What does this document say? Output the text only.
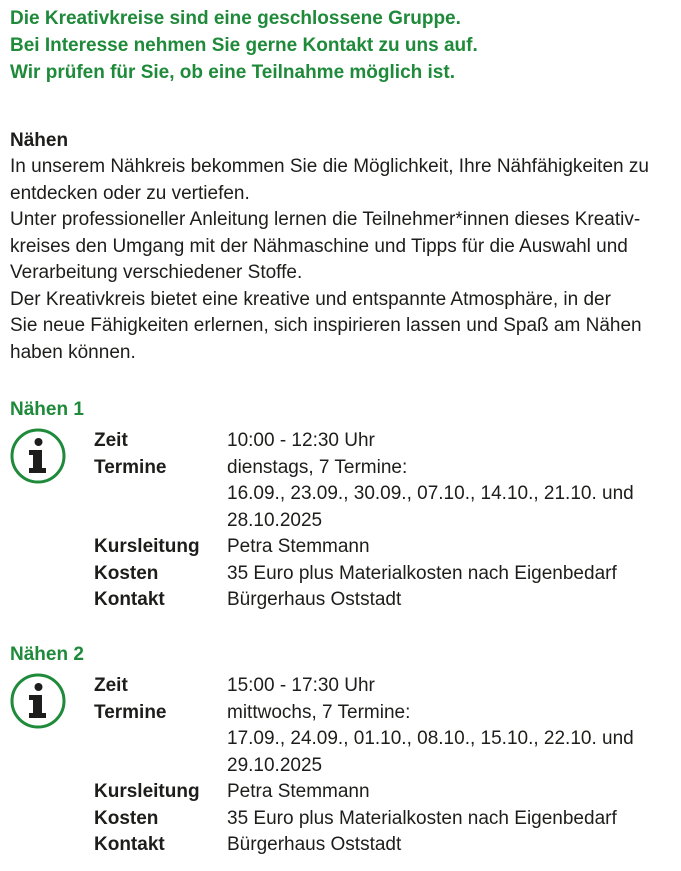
Die Kreativkreise sind eine geschlossene Gruppe.
Bei Interesse nehmen Sie gerne Kontakt zu uns auf.
Wir prüfen für Sie, ob eine Teilnahme möglich ist.
Nähen
In unserem Nähkreis bekommen Sie die Möglichkeit, Ihre Nähfähigkeiten zu
entdecken oder zu vertiefen.
Unter professioneller Anleitung lernen die Teilnehmer*innen dieses Kreativ-
kreises den Umgang mit der Nähmaschine und Tipps für die Auswahl und
Verarbeitung verschiedener Stoffe.
Der Kreativkreis bietet eine kreative und entspannte Atmosphäre, in der
Sie neue Fähigkeiten erlernen, sich inspirieren lassen und Spaß am Nähen
haben können.
Nähen 1
Zeit	10:00 - 12:30 Uhr
Termine	dienstags, 7 Termine:
16.09., 23.09., 30.09., 07.10., 14.10., 21.10. und
28.10.2025
Kursleitung	Petra Stemmann
Kosten	35 Euro plus Materialkosten nach Eigenbedarf
Kontakt	Bürgerhaus Oststadt
Nähen 2
Zeit	15:00 - 17:30 Uhr
Termine	mittwochs, 7 Termine:
17.09., 24.09., 01.10., 08.10., 15.10., 22.10. und
29.10.2025
Kursleitung	Petra Stemmann
Kosten	35 Euro plus Materialkosten nach Eigenbedarf
Kontakt	Bürgerhaus Oststadt
